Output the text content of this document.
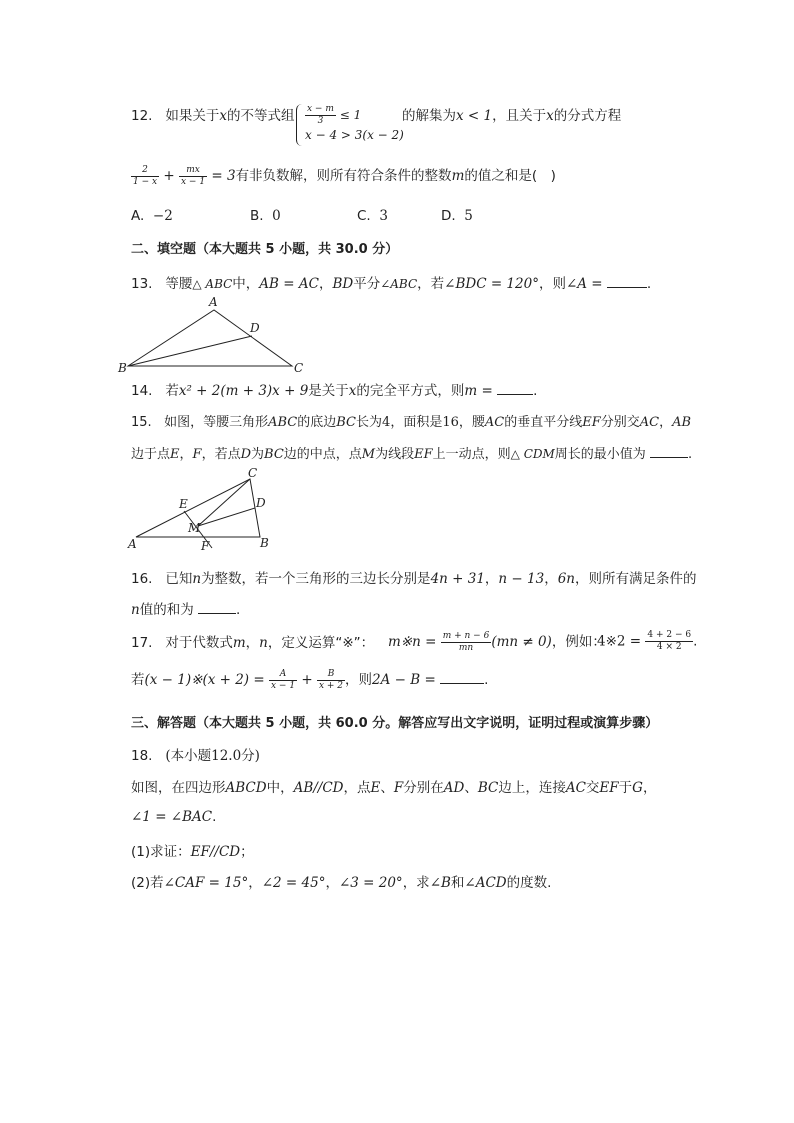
12. 如果关于x的不等式组 $\frac{x - m}{3} \le 1$
x − 4 > 3(x − 2)
的解集为x < 1，且关于x的分式方程
$\frac{2}{1 - x} + \frac{mx}{x - 1} = 3$有非负数解，则所有符合条件的整数m的值之和是(　)
A. −2	B. 0	C. 3	D. 5
二、填空题（本大题共 5 小题，共 30.0 分）
13. 等腰△ ABC中，AB = AC，BD平分∠ABC，若∠BDC = 120°，则∠A =	.
A
B	C
D
14. 若x² + 2(m + 3)x + 9是关于x的完全平方式，则m =	.
15. 如图，等腰三角形ABC的底边BC长为4，面积是16，腰AC的垂直平分线EF分别交AC，AB
边于点E，F，若点D为BC边的中点，点M为线段EF上一动点，则△ CDM周长的最小值为	.
C
E	D
M
A	F	B
16. 已知n为整数，若一个三角形的三边长分别是4n + 31，n − 13，6n，则所有满足条件的
n值的和为	.
17. 对于代数式m，n，定义运算“※”： m※n = $\frac{m + n - 6}{mn} (mn \ne 0)$，例如：
4※2 = $\frac{4 + 2 - 6}{4 \times 2}$ .
若(x − 1)※(x + $2) = \frac{A}{x - 1} + \frac{B}{x + 2}$ ，则2A − B =	.
三、解答题（本大题共 5 小题，共 60.0 分。解答应写出文字说明，证明过程或演算步骤）
18. (本小题12.0分)
如图，在四边形ABCD中，AB//CD，点E、F分别在AD、BC边上，连接AC交EF于G，
∠1 = ∠BAC.
(1)求证：EF//CD；
(2)若∠CAF = 15°，∠2 = 45°，∠3 = 20°，求∠B和∠ACD的度数.
